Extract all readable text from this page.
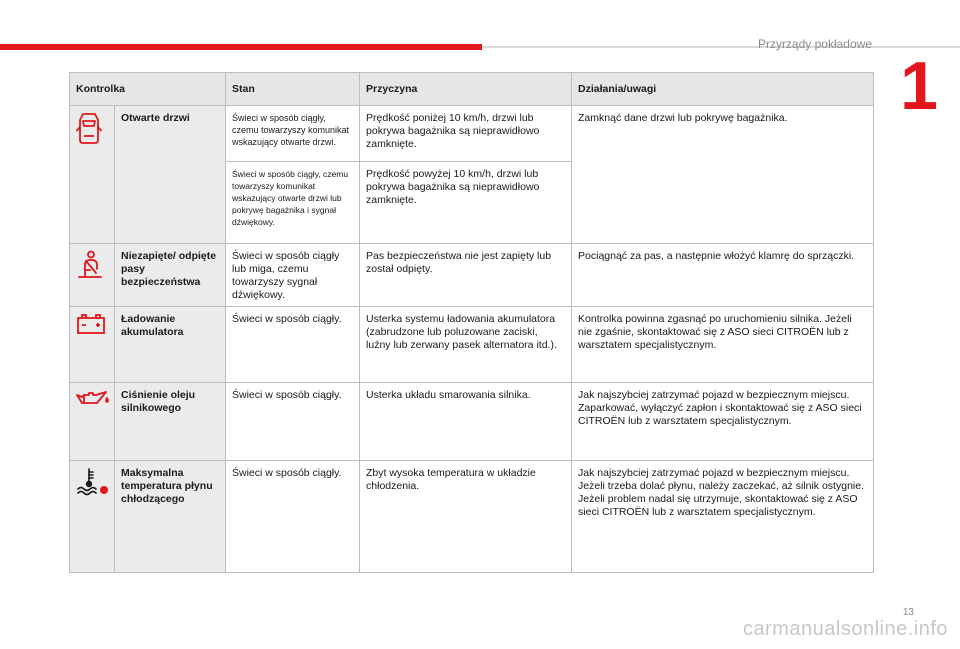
Przyrządy pokładowe
1
Kontrolka		Stan	Przyczyna	Działania/uwagi
	Otwarte drzwi	Świeci w sposób ciągły, czemu towarzyszy komunikat wskazujący otwarte drzwi.	Prędkość poniżej 10 km/h, drzwi lub pokrywa bagażnika są nieprawidłowo zamknięte.	Zamknąć dane drzwi lub pokrywę bagażnika.
		Świeci w sposób ciągły, czemu towarzyszy komunikat wskazujący otwarte drzwi lub pokrywę bagażnika i sygnał dźwiękowy.	Prędkość powyżej 10 km/h, drzwi lub pokrywa bagażnika są nieprawidłowo zamknięte.	
	Niezapięte/ odpięte pasy bezpieczeństwa	Świeci w sposób ciągły lub miga, czemu towarzyszy sygnał dźwiękowy.	Pas bezpieczeństwa nie jest zapięty lub został odpięty.	Pociągnąć za pas, a następnie włożyć klamrę do sprzączki.
	Ładowanie akumulatora	Świeci w sposób ciągły.	Usterka systemu ładowania akumulatora (zabrudzone lub poluzowane zaciski, luźny lub zerwany pasek alternatora itd.).	Kontrolka powinna zgasnąć po uruchomieniu silnika. Jeżeli nie zgaśnie, skontaktować się z ASO sieci CITROËN lub z warsztatem specjalistycznym.
	Ciśnienie oleju silnikowego	Świeci w sposób ciągły.	Usterka układu smarowania silnika.	Jak najszybciej zatrzymać pojazd w bezpiecznym miejscu.
Zaparkować, wyłączyć zapłon i skontaktować się z ASO sieci CITROËN lub z warsztatem specjalistycznym.

	Maksymalna temperatura płynu chłodzącego	Świeci w sposób ciągły.	Zbyt wysoka temperatura w układzie chłodzenia.	Jak najszybciej zatrzymać pojazd w bezpiecznym miejscu.
Jeżeli trzeba dolać płynu, należy zaczekać, aż silnik ostygnie.
Jeżeli problem nadal się utrzymuje, skontaktować się z ASO sieci CITROËN lub z warsztatem specjalistycznym.
13
carmanualsonline.info
